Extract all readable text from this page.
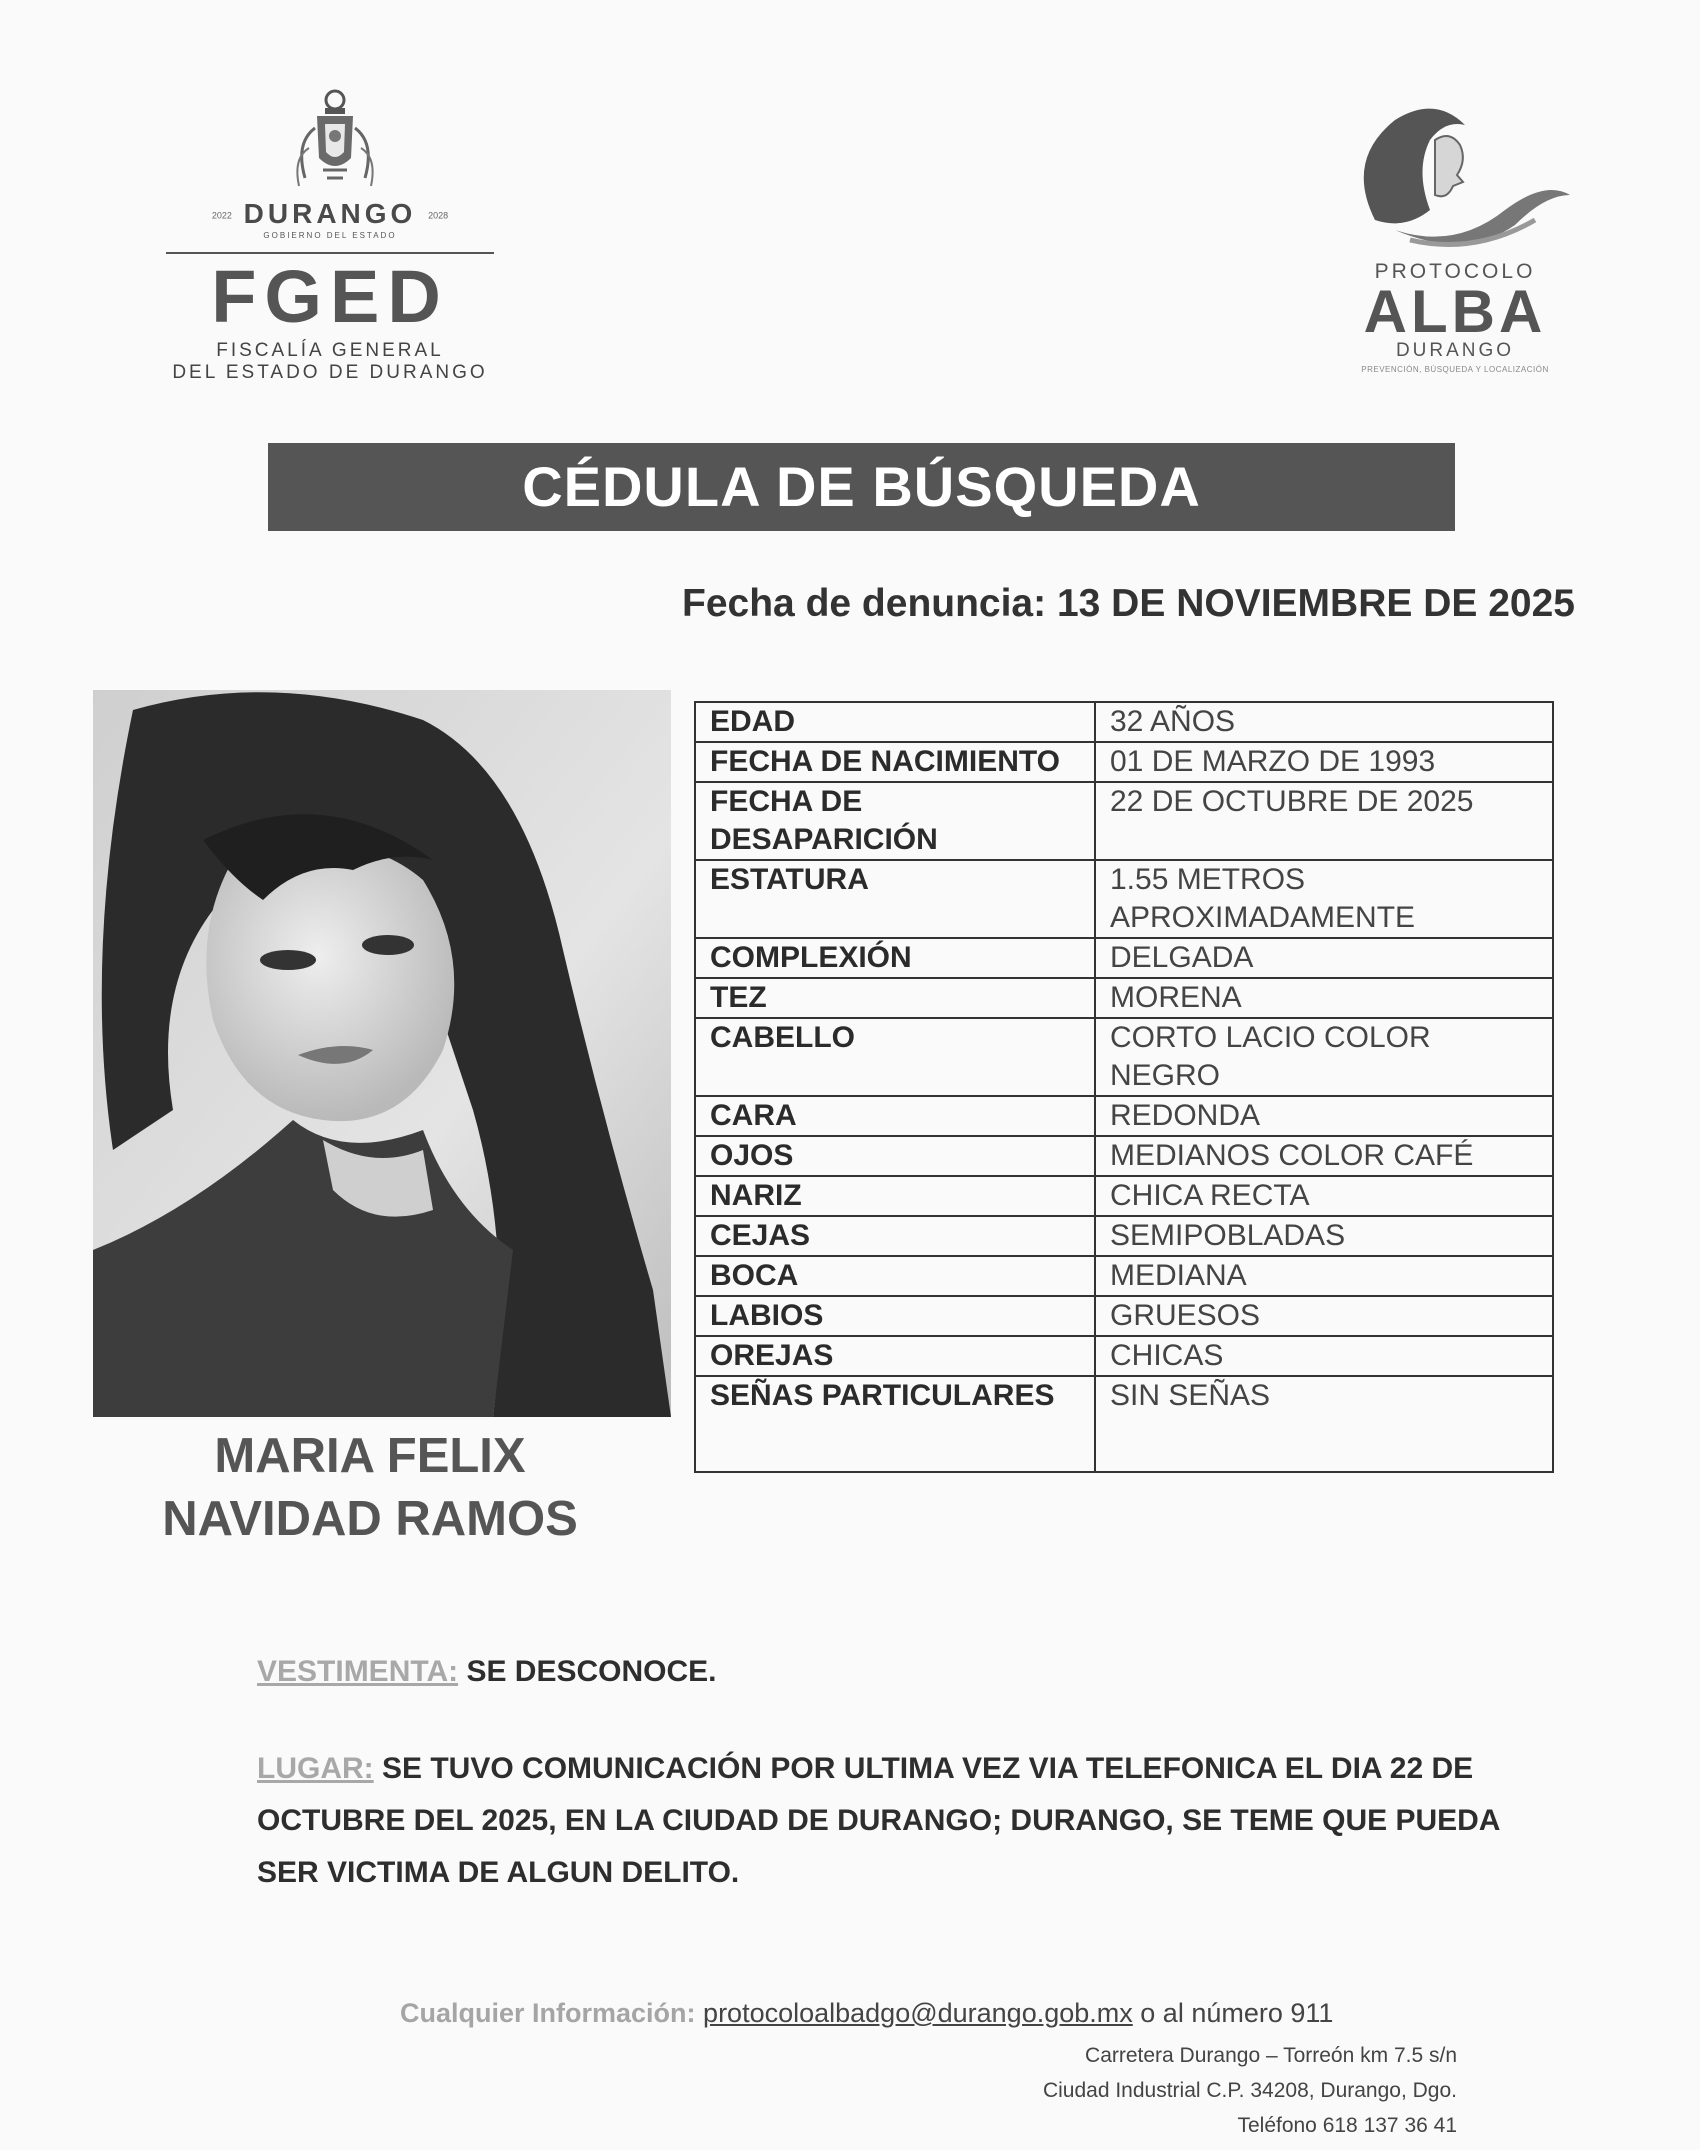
2022 DURANGO 2028
GOBIERNO DEL ESTADO
FGED
FISCALÍA GENERAL
DEL ESTADO DE DURANGO
PROTOCOLO
ALBA
DURANGO
PREVENCIÓN, BÚSQUEDA Y LOCALIZACIÓN
CÉDULA DE BÚSQUEDA
Fecha de denuncia: 13 DE NOVIEMBRE DE 2025
MARIA FELIX
NAVIDAD RAMOS
EDAD	32 AÑOS
FECHA DE NACIMIENTO	01 DE MARZO DE 1993
FECHA DE DESAPARICIÓN	22 DE OCTUBRE DE 2025
ESTATURA	1.55 METROS APROXIMADAMENTE
COMPLEXIÓN	DELGADA
TEZ	MORENA
CABELLO	CORTO LACIO COLOR NEGRO
CARA	REDONDA
OJOS	MEDIANOS COLOR CAFÉ
NARIZ	CHICA RECTA
CEJAS	SEMIPOBLADAS
BOCA	MEDIANA
LABIOS	GRUESOS
OREJAS	CHICAS
SEÑAS PARTICULARES	SIN SEÑAS
VESTIMENTA: SE DESCONOCE.
LUGAR: SE TUVO COMUNICACIÓN POR ULTIMA VEZ VIA TELEFONICA EL DIA 22 DE OCTUBRE DEL 2025, EN LA CIUDAD DE DURANGO; DURANGO, SE TEME QUE PUEDA SER VICTIMA DE ALGUN DELITO.
Cualquier Información: protocoloalbadgo@durango.gob.mx o al número 911
Carretera Durango – Torreón km 7.5 s/n
Ciudad Industrial C.P. 34208, Durango, Dgo.
Teléfono 618 137 36 41
